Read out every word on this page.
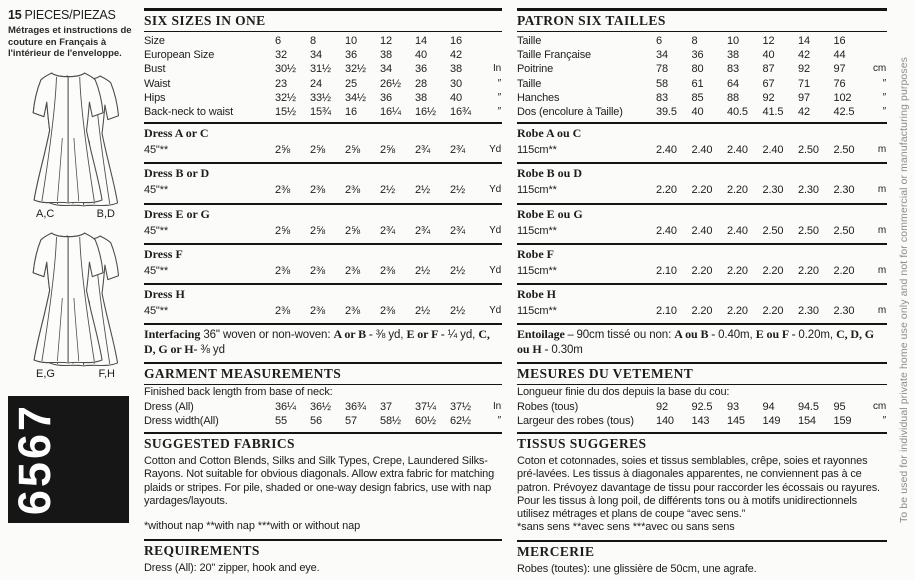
15 PIECES/PIEZAS
Métrages et instructions de couture en Français à l'intérieur de l'enveloppe.
A,C	B,D
E,G	F,H
6567
SIX SIZES IN ONE
Size	6	8	10	12	14	16
European Size	32	34	36	38	40	42
Bust	30½	31½	32½	34	36	38	In
Waist	23	24	25	26½	28	30	″
Hips	32½	33½	34½	36	38	40	″
Back-neck to waist	15½	15¾	16	16¼	16½	16¾	″
Dress A or C
45"**	2⅝	2⅝	2⅝	2⅝	2¾	2¾	Yd
Dress B or D
45"**	2⅜	2⅜	2⅜	2½	2½	2½	Yd
Dress E or G
45"**	2⅝	2⅝	2⅝	2¾	2¾	2¾	Yd
Dress F
45"**	2⅜	2⅜	2⅜	2⅜	2½	2½	Yd
Dress H
45"**	2⅜	2⅜	2⅜	2⅜	2½	2½	Yd
Interfacing 36" woven or non-woven: A or B - ⅜ yd, E or F - ¼ yd, C, D, G or H- ⅜ yd
GARMENT MEASUREMENTS
Finished back length from base of neck:
Dress (All)	36¼	36½	36¾	37	37¼	37½	In
Dress width(All)	55	56	57	58½	60½	62½	″
SUGGESTED FABRICS
Cotton and Cotton Blends, Silks and Silk Types, Crepe, Laundered Silks-Rayons. Not suitable for obvious diagonals. Allow extra fabric for matching plaids or stripes. For pile, shaded or one-way design fabrics, use with nap yardages/layouts.
*without nap **with nap ***with or without nap
REQUIREMENTS
Dress (All): 20" zipper, hook and eye.
PATRON SIX TAILLES
Taille	6	8	10	12	14	16
Taille Française	34	36	38	40	42	44
Poitrine	78	80	83	87	92	97	cm
Taille	58	61	64	67	71	76	″
Hanches	83	85	88	92	97	102	″
Dos (encolure à Taille)	39.5	40	40.5	41.5	42	42.5	″
Robe A ou C
115cm**	2.40	2.40	2.40	2.40	2.50	2.50	m
Robe B ou D
115cm**	2.20	2.20	2.20	2.30	2.30	2.30	m
Robe E ou G
115cm**	2.40	2.40	2.40	2.50	2.50	2.50	m
Robe F
115cm**	2.10	2.20	2.20	2.20	2.20	2.20	m
Robe H
115cm**	2.10	2.20	2.20	2.20	2.30	2.30	m
Entoilage – 90cm tissé ou non: A ou B - 0.40m, E ou F - 0.20m, C, D, G ou H - 0.30m
MESURES DU VETEMENT
Longueur finie du dos depuis la base du cou:
Robes (tous)	92	92.5	93	94	94.5	95	cm
Largeur des robes (tous)	140	143	145	149	154	159	″
TISSUS SUGGERES
Coton et cotonnades, soies et tissus semblables, crêpe, soies et rayonnes pré-lavées. Les tissus à diagonales apparentes, ne conviennent pas à ce patron. Prévoyez davantage de tissu pour raccorder les écossais ou rayures. Pour les tissus à long poil, de différents tons ou à motifs unidirectionnels utilisez métrages et plans de coupe “avec sens.”
*sans sens **avec sens ***avec ou sans sens
MERCERIE
Robes (toutes): une glissière de 50cm, une agrafe.
To be used for individual private home use only and not for commercial or manufacturing purposes
